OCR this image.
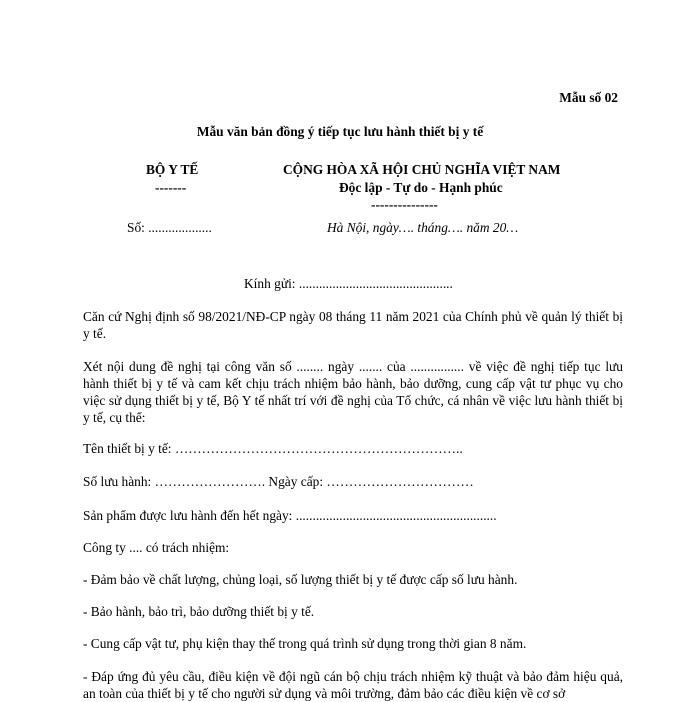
Mẫu số 02
Mẫu văn bản đồng ý tiếp tục lưu hành thiết bị y tế
BỘ Y TẾ
-------
CỘNG HÒA XÃ HỘI CHỦ NGHĨA VIỆT NAM
Độc lập - Tự do - Hạnh phúc
---------------
Số: ...................	Hà Nội, ngày…. tháng…. năm 20…
Kính gửi: ..............................................
Căn cứ Nghị định số 98/2021/NĐ-CP ngày 08 tháng 11 năm 2021 của Chính phủ về quản lý thiết bị y tế.
Xét nội dung đề nghị tại công văn số ........ ngày ....... của ................ về việc đề nghị tiếp tục lưu hành thiết bị y tế và cam kết chịu trách nhiệm bảo hành, bảo dưỡng, cung cấp vật tư phục vụ cho việc sử dụng thiết bị y tế, Bộ Y tế nhất trí với đề nghị của Tổ chức, cá nhân về việc lưu hành thiết bị y tế, cụ thể:
Tên thiết bị y tế: ………………………………………………………..
Số lưu hành: ……………………. Ngày cấp: ……………………………
Sản phẩm được lưu hành đến hết ngày: ............................................................
Công ty .... có trách nhiệm:
- Đảm bảo về chất lượng, chủng loại, số lượng thiết bị y tế được cấp số lưu hành.
- Bảo hành, bảo trì, bảo dưỡng thiết bị y tế.
- Cung cấp vật tư, phụ kiện thay thế trong quá trình sử dụng trong thời gian 8 năm.
- Đáp ứng đủ yêu cầu, điều kiện về đội ngũ cán bộ chịu trách nhiệm kỹ thuật và bảo đảm hiệu quả, an toàn của thiết bị y tế cho người sử dụng và môi trường, đảm bảo các điều kiện về cơ sở
